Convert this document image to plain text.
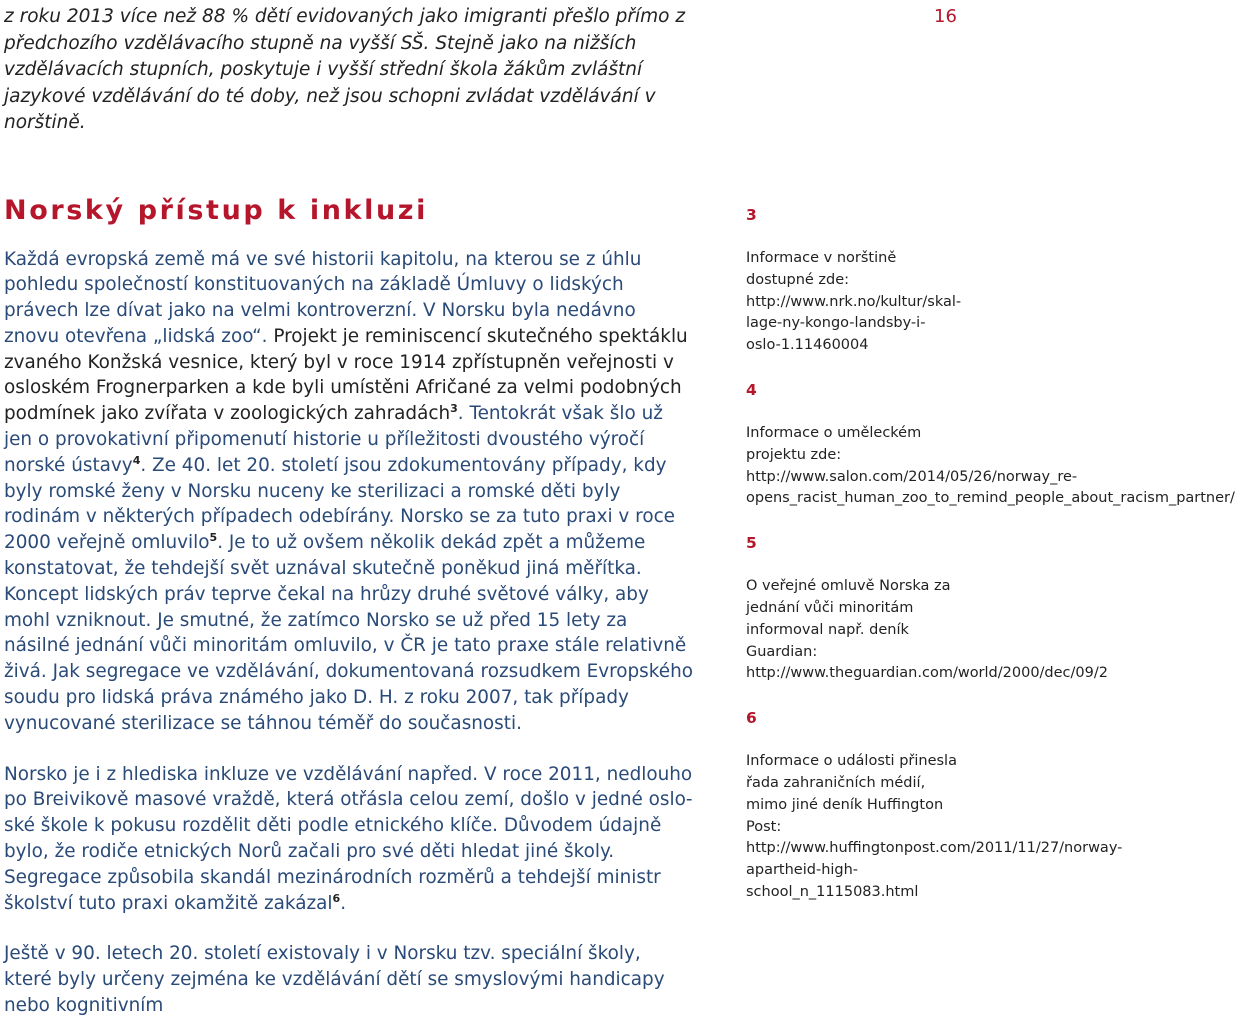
16

z roku 2013 více než 88 % dětí evidovaných jako imigranti přešlo přímo z předchozího vzdělávacího stupně na vyšší SŠ. Stejně jako na nižších vzdělávacích stupních, poskytuje i vyšší střední škola žákům zvláštní jazykové vzdělávání do té doby, než jsou schopni zvládat vzdělávání v norštině.

Norský přístup k inkluzi

Každá evropská země má ve své historii kapitolu, na kterou se z úhlu pohledu společností konstituovaných na základě Úmluvy o lidských právech lze dívat jako na velmi kontroverzní. V Norsku byla nedávno znovu otevřena „lidská zoo“. Projekt je reminiscencí skutečného spektáklu zvaného Konžská vesnice, který byl v roce 1914 zpřístupněn veřejnosti v osloském Frognerparken a kde byli umístěni Afričané za velmi podobných podmínek jako zvířata v zoologických zahradách$^3$. Tentokrát však šlo už jen o provokativní připomenutí historie u příležitosti dvoustého výročí norské ústavy$^4$. Ze 40. let 20. století jsou zdokumentovány případy, kdy byly romské ženy v Norsku nuceny ke sterilizaci a romské děti byly rodinám v některých případech odebírány. Norsko se za tuto praxi v roce 2000 veřejně omluvilo$^5$. Je to už ovšem několik dekád zpět a můžeme konstatovat, že tehdejší svět uznával skutečně poněkud jiná měřítka. Koncept lidských práv teprve čekal na hrůzy druhé světové války, aby mohl vzniknout. Je smutné, že zatímco Norsko se už před 15 lety za násilné jednání vůči minoritám omluvilo, v ČR je tato praxe stále relativně živá. Jak segregace ve vzdělávání, dokumentovaná rozsudkem Evropského soudu pro lidská práva známého jako D. H. z roku 2007, tak případy vynucované sterilizace se táhnou téměř do současnosti.

Norsko je i z hlediska inkluze ve vzdělávání napřed. V roce 2011, nedlouho po Breivikově masové vraždě, která otřásla celou zemí, došlo v jedné osloské škole k pokusu rozdělit děti podle etnického klíče. Důvodem údajně bylo, že rodiče etnických Norů začali pro své děti hledat jiné školy. Segregace způsobila skandál mezinárodních rozměrů a tehdejší ministr školství tuto praxi okamžitě zakázal$^6$.

Ještě v 90. letech 20. století existovaly i v Norsku tzv. speciální školy, které byly určeny zejména ke vzdělávání dětí se smyslovými handicapy nebo kognitivním

3
Informace v norštině dostupné zde: http://www.nrk.no/kultur/skal-lage-ny-kongo-landsby-i-oslo-1.11460004
4
Informace o uměleckém projektu zde: http://www.salon.com/2014/05/26/norway_reopens_racist_human_zoo_to_remind_people_about_racism_partner/
5
O veřejné omluvě Norska za jednání vůči minoritám informoval např. deník Guardian: http://www.theguardian.com/world/2000/dec/09/2
6
Informace o události přinesla řada zahraničních médií, mimo jiné deník Huffington Post: http://www.huffingtonpost.com/2011/11/27/norway-apartheid-high-school_n_1115083.html
